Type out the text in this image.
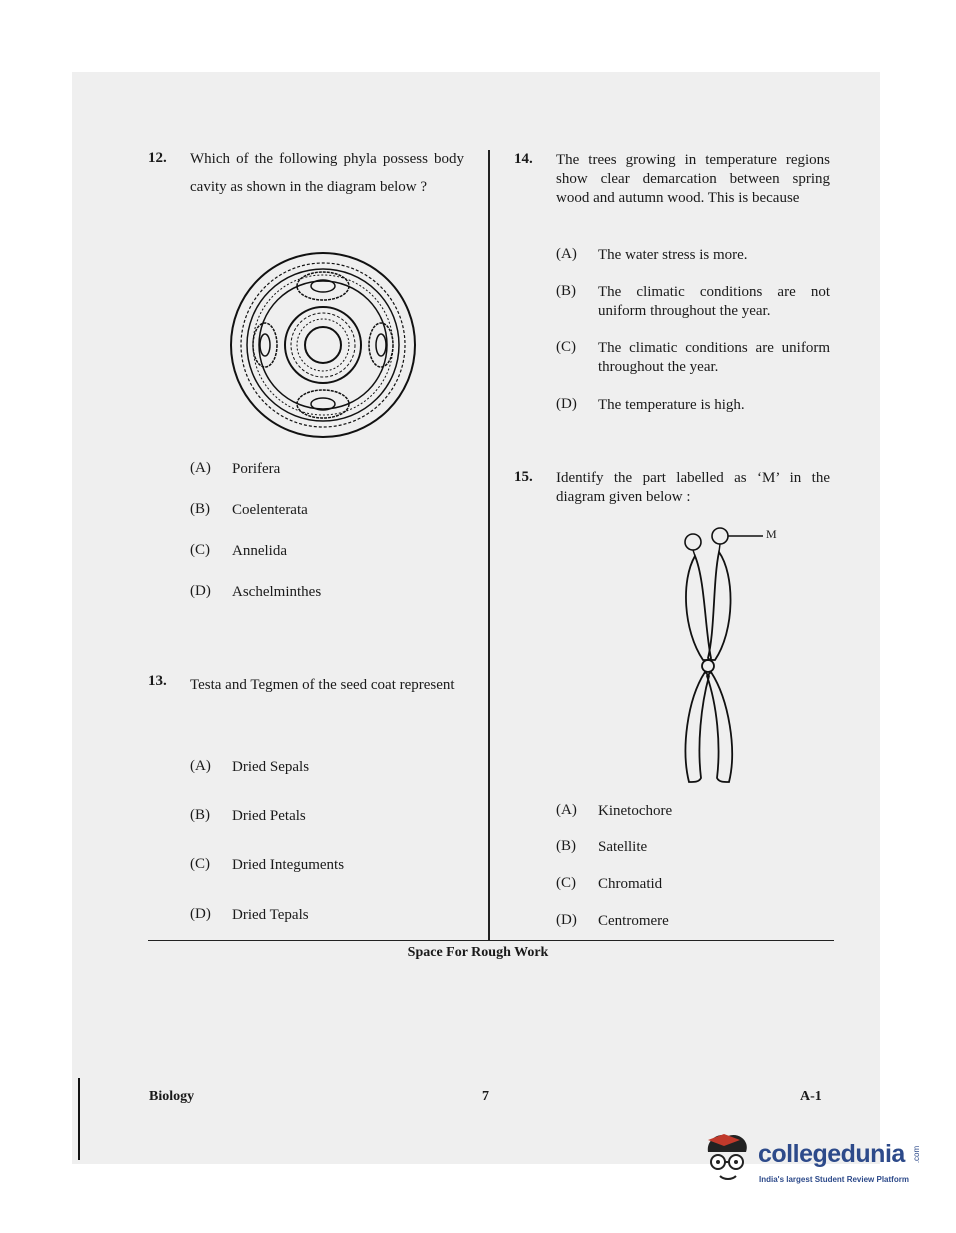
12. Which of the following phyla possess body cavity as shown in the diagram below ?
(A)	Porifera
(B)	Coelenterata
(C)	Annelida
(D)	Aschelminthes
13. Testa and Tegmen of the seed coat represent
(A)	Dried Sepals
(B)	Dried Petals
(C)	Dried Integuments
(D)	Dried Tepals
14. The trees growing in temperature regions show clear demarcation between spring wood and autumn wood. This is because
(A)	The water stress is more.
(B)	The climatic conditions are not uniform throughout the year.
(C)	The climatic conditions are uniform throughout the year.
(D)	The temperature is high.
15. Identify the part labelled as ‘M’ in the diagram given below :
M
(A)	Kinetochore
(B)	Satellite
(C)	Chromatid
(D)	Centromere
Space For Rough Work
Biology	7	A-1
collegedunia .com
India's largest Student Review Platform
